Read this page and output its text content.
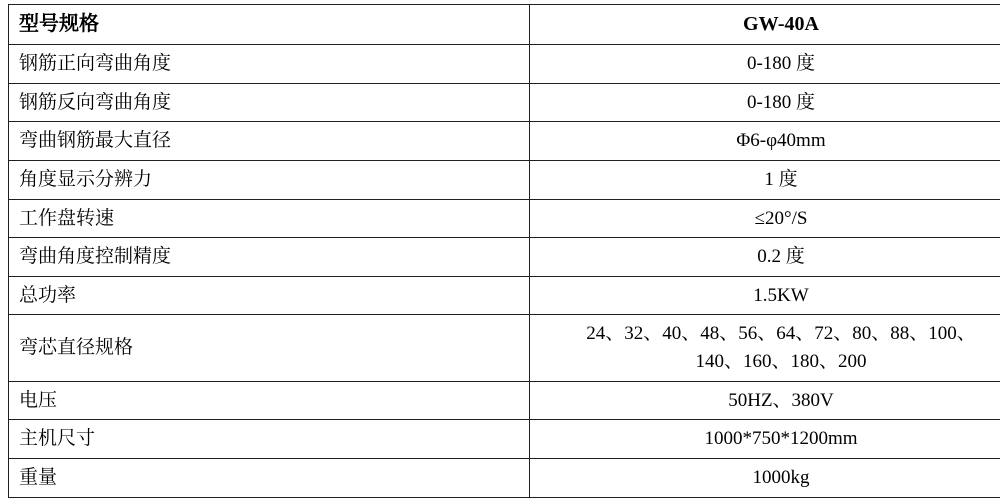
型号规格	GW-40A
钢筋正向弯曲角度	0-180 度
钢筋反向弯曲角度	0-180 度
弯曲钢筋最大直径	Φ6-φ40mm
角度显示分辨力	1 度
工作盘转速	≤20°/S
弯曲角度控制精度	0.2 度
总功率	1.5KW
弯芯直径规格	24、32、40、48、56、64、72、80、88、100、
140、160、180、200

电压	50HZ、380V
主机尺寸	1000*750*1200mm
重量	1000kg
